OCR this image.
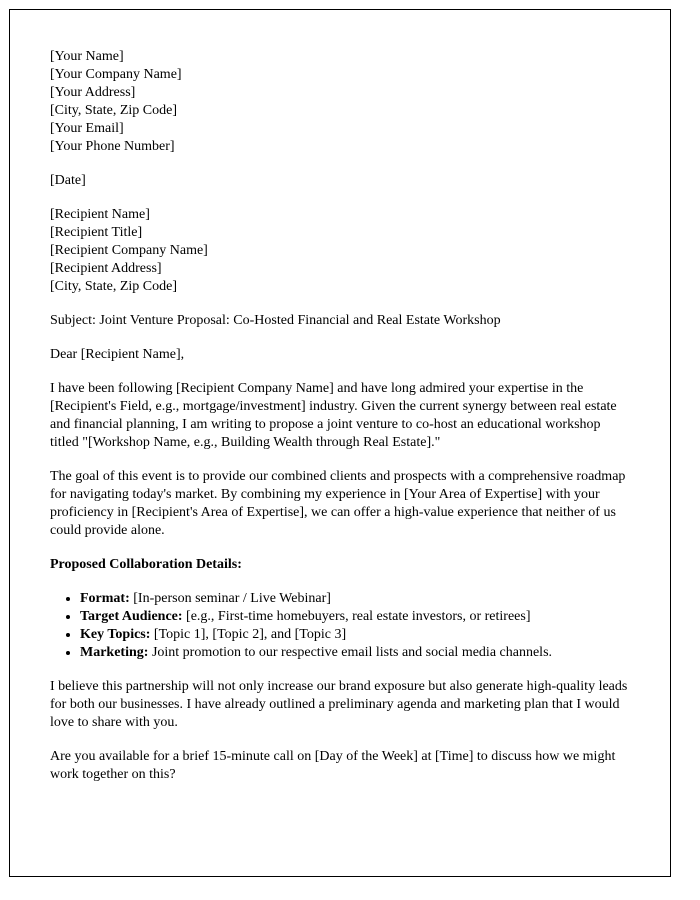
[Your Name]
[Your Company Name]
[Your Address]
[City, State, Zip Code]
[Your Email]
[Your Phone Number]
[Date]
[Recipient Name]
[Recipient Title]
[Recipient Company Name]
[Recipient Address]
[City, State, Zip Code]
Subject: Joint Venture Proposal: Co-Hosted Financial and Real Estate Workshop

Dear [Recipient Name],

I have been following [Recipient Company Name] and have long admired your expertise in the [Recipient's Field, e.g., mortgage/investment] industry. Given the current synergy between real estate and financial planning, I am writing to propose a joint venture to co-host an educational workshop titled "[Workshop Name, e.g., Building Wealth through Real Estate]."

The goal of this event is to provide our combined clients and prospects with a comprehensive roadmap for navigating today's market. By combining my experience in [Your Area of Expertise] with your proficiency in [Recipient's Area of Expertise], we can offer a high-value experience that neither of us could provide alone.

Proposed Collaboration Details:
• Format: [In-person seminar / Live Webinar]
• Target Audience: [e.g., First-time homebuyers, real estate investors, or retirees]
• Key Topics: [Topic 1], [Topic 2], and [Topic 3]
• Marketing: Joint promotion to our respective email lists and social media channels.

I believe this partnership will not only increase our brand exposure but also generate high-quality leads for both our businesses. I have already outlined a preliminary agenda and marketing plan that I would love to share with you.

Are you available for a brief 15-minute call on [Day of the Week] at [Time] to discuss how we might work together on this?
